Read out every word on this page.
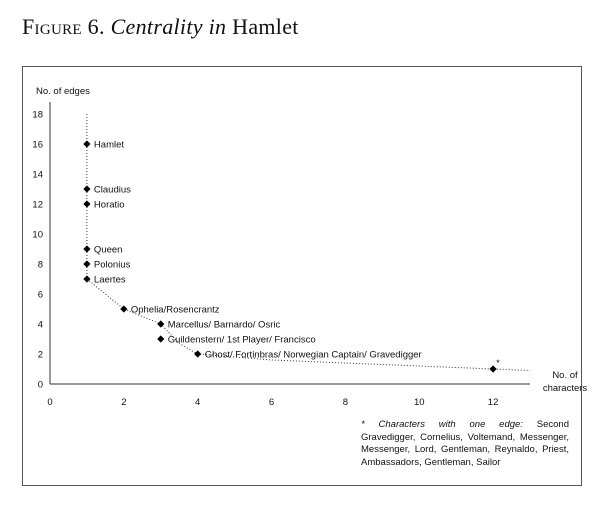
Figure 6. Centrality in Hamlet
No. of edges
No. of characters
0
2
4
6
8
10
12
14
16
18
0	2	4	6	8	10	12
Hamlet
Claudius
Horatio
Queen
Polonius
Laertes
Ophelia/Rosencrantz
Marcellus/ Barnardo/ Osric
Guildenstern/ 1st Player/ Francisco
Ghost/ Fortinbras/ Norwegian Captain/ Gravedigger
*
* Characters with one edge: Second Gravedigger, Cornelius, Voltemand, Messenger, Messenger, Lord, Gentleman, Reynaldo, Priest, Ambassadors, Gentleman, Sailor
